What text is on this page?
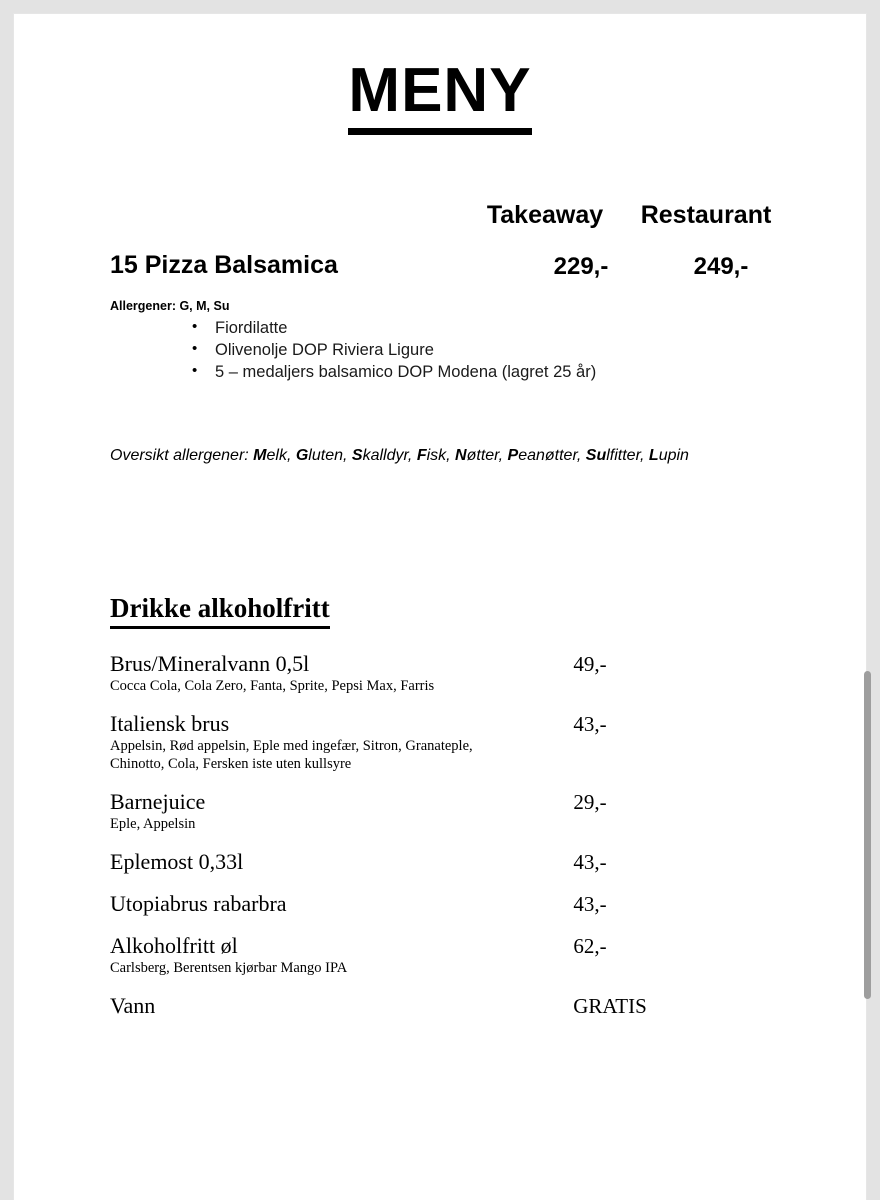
MENY
Takeaway	Restaurant
15 Pizza Balsamica	229,-	249,-
Allergener: G, M, Su
• Fiordilatte
• Olivenolje DOP Riviera Ligure
• 5 – medaljers balsamico DOP Modena (lagret 25 år)
Oversikt allergener: Melk, Gluten, Skalldyr, Fisk, Nøtter, Peanøtter, Sulfitter, Lupin
Drikke alkoholfritt
Brus/Mineralvann 0,5l	49,-
Cocca Cola, Cola Zero, Fanta, Sprite, Pepsi Max, Farris
Italiensk brus	43,-
Appelsin, Rød appelsin, Eple med ingefær, Sitron, Granateple,
Chinotto, Cola, Fersken iste uten kullsyre
Barnejuice	29,-
Eple, Appelsin
Eplemost 0,33l	43,-
Utopiabrus rabarbra	43,-
Alkoholfritt øl	62,-
Carlsberg, Berentsen kjørbar Mango IPA
Vann	GRATIS
